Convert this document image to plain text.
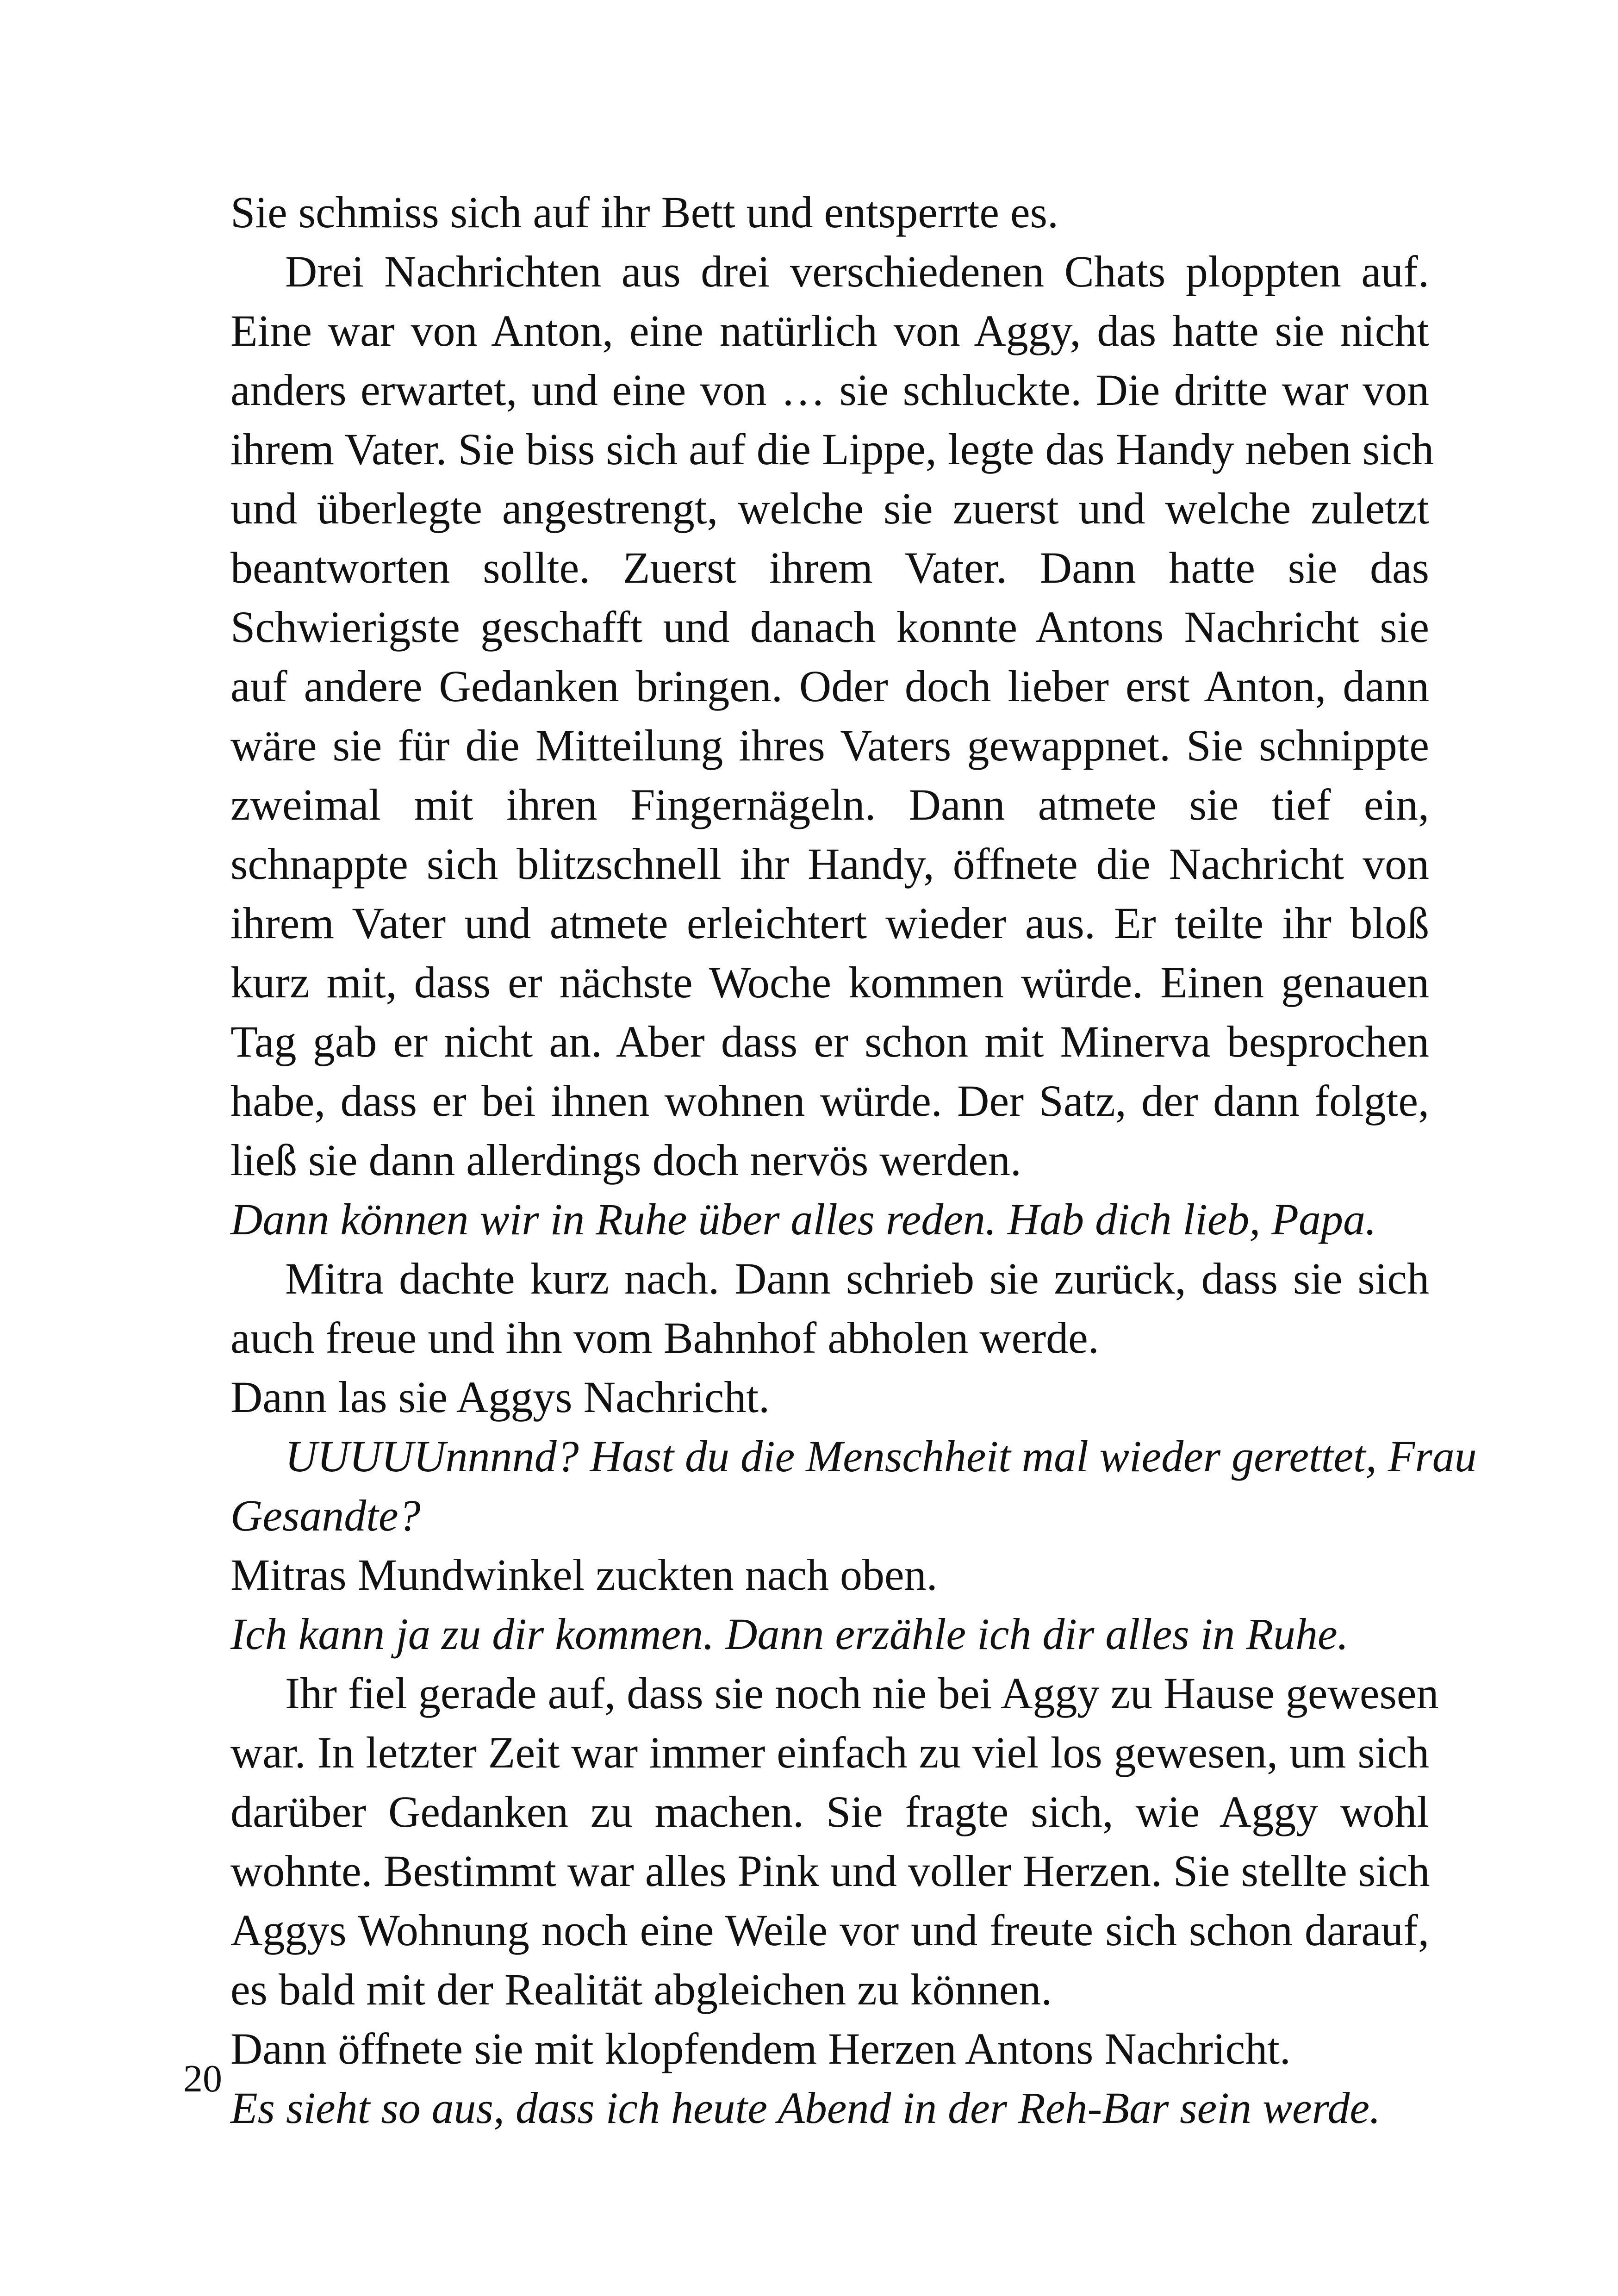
Sie schmiss sich auf ihr Bett und entsperrte es.
Drei Nachrichten aus drei verschiedenen Chats ploppten auf.
Eine war von Anton, eine natürlich von Aggy, das hatte sie nicht
anders erwartet, und eine von … sie schluckte. Die dritte war von
ihrem Vater. Sie biss sich auf die Lippe, legte das Handy neben sich
und überlegte angestrengt, welche sie zuerst und welche zuletzt
beantworten sollte. Zuerst ihrem Vater. Dann hatte sie das
Schwierigste geschafft und danach konnte Antons Nachricht sie
auf andere Gedanken bringen. Oder doch lieber erst Anton, dann
wäre sie für die Mitteilung ihres Vaters gewappnet. Sie schnippte
zweimal mit ihren Fingernägeln. Dann atmete sie tief ein,
schnappte sich blitzschnell ihr Handy, öffnete die Nachricht von
ihrem Vater und atmete erleichtert wieder aus. Er teilte ihr bloß
kurz mit, dass er nächste Woche kommen würde. Einen genauen
Tag gab er nicht an. Aber dass er schon mit Minerva besprochen
habe, dass er bei ihnen wohnen würde. Der Satz, der dann folgte,
ließ sie dann allerdings doch nervös werden.
Dann können wir in Ruhe über alles reden. Hab dich lieb, Papa.
Mitra dachte kurz nach. Dann schrieb sie zurück, dass sie sich
auch freue und ihn vom Bahnhof abholen werde.
Dann las sie Aggys Nachricht.
UUUUUnnnnd? Hast du die Menschheit mal wieder gerettet, Frau
Gesandte?
Mitras Mundwinkel zuckten nach oben.
Ich kann ja zu dir kommen. Dann erzähle ich dir alles in Ruhe.
Ihr fiel gerade auf, dass sie noch nie bei Aggy zu Hause gewesen
war. In letzter Zeit war immer einfach zu viel los gewesen, um sich
darüber Gedanken zu machen. Sie fragte sich, wie Aggy wohl
wohnte. Bestimmt war alles Pink und voller Herzen. Sie stellte sich
Aggys Wohnung noch eine Weile vor und freute sich schon darauf,
es bald mit der Realität abgleichen zu können.
Dann öffnete sie mit klopfendem Herzen Antons Nachricht.
Es sieht so aus, dass ich heute Abend in der Reh-Bar sein werde.
20
